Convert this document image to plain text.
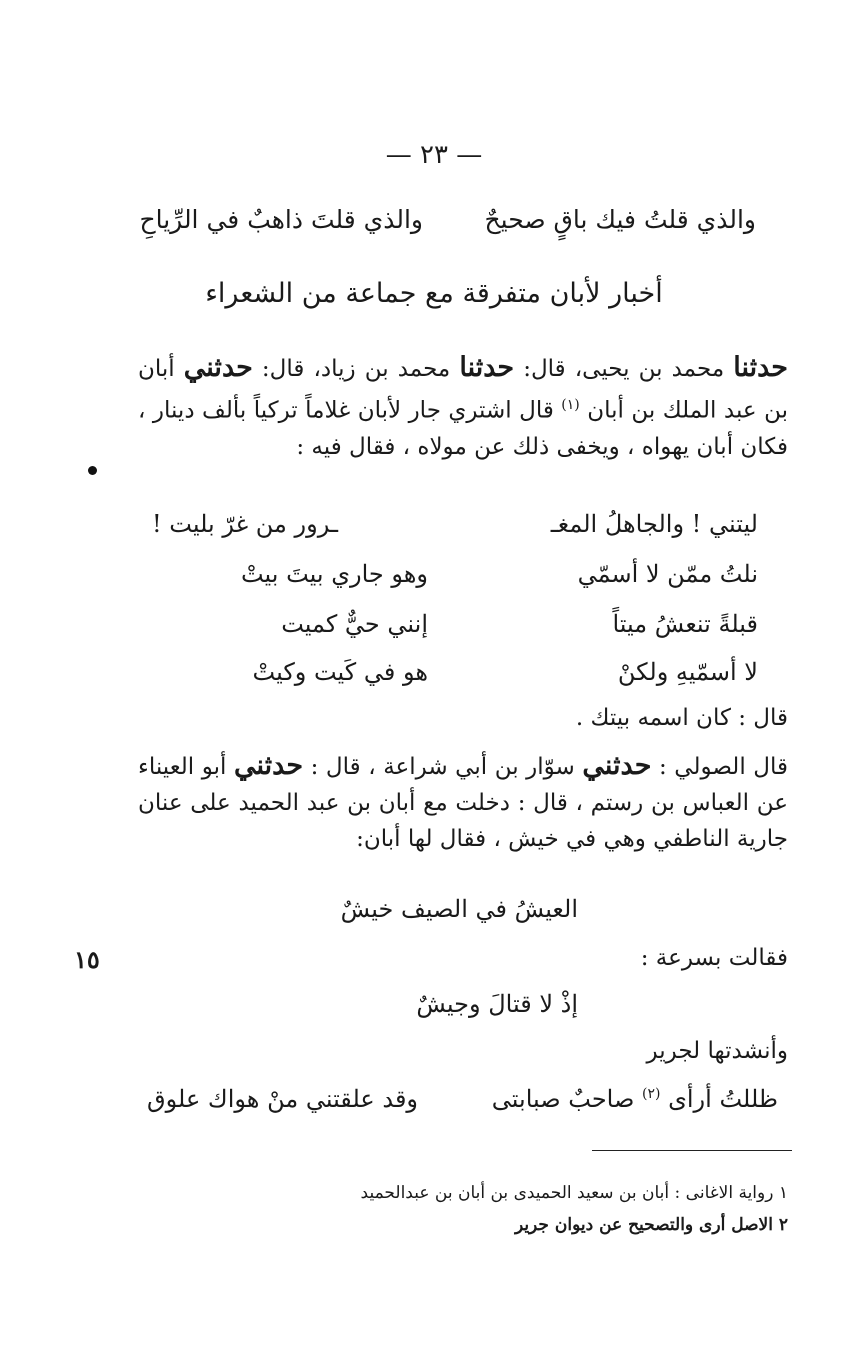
— ٢٣ —
والذي قلتُ فيك باقٍ صحيحٌ
والذي قلتَ ذاهبٌ في الرِّياحِ
أخبار لأبان متفرقة مع جماعة من الشعراء
حدثنا محمد بن يحيى، قال: حدثنا محمد بن زياد، قال: حدثني أبان بن عبد الملك بن أبان $^{(١)}$ قال اشتري جار لأبان غلاماً تركياً بألف دينار ، فكان أبان يهواه ، ويخفى ذلك عن مولاه ، فقال فيه :
ليتني ! والجاهلُ المغـ
ـرور من غرّ بليت !
نلتُ ممّن لا أسمّي
وهو جاري بيتَ بيتْ
قبلةً تنعشُ ميتاً
إنني حيٌّ كميت
لا أسمّيهِ ولكنْ
هو في كَيت وكيتْ
قال : كان اسمه بيتك .
قال الصولي : حدثني سوّار بن أبي شراعة ، قال : حدثني أبو العيناء عن العباس بن رستم ، قال : دخلت مع أبان بن عبد الحميد على عنان جارية الناطفي وهي في خيش ، فقال لها أبان:
العيشُ في الصيف خيشٌ
فقالت بسرعة :
إذْ لا قتالَ وجيشٌ
وأنشدتها لجرير
ظللتُ أرأى $^{(٢)}$ صاحبٌ صبابتى
وقد علقتني منْ هواك علوق
١٥
١ رواية الاغانى : أبان بن سعيد الحميدى بن أبان بن عبدالحميد
٢ الاصل أرى والتصحيح عن ديوان جرير
